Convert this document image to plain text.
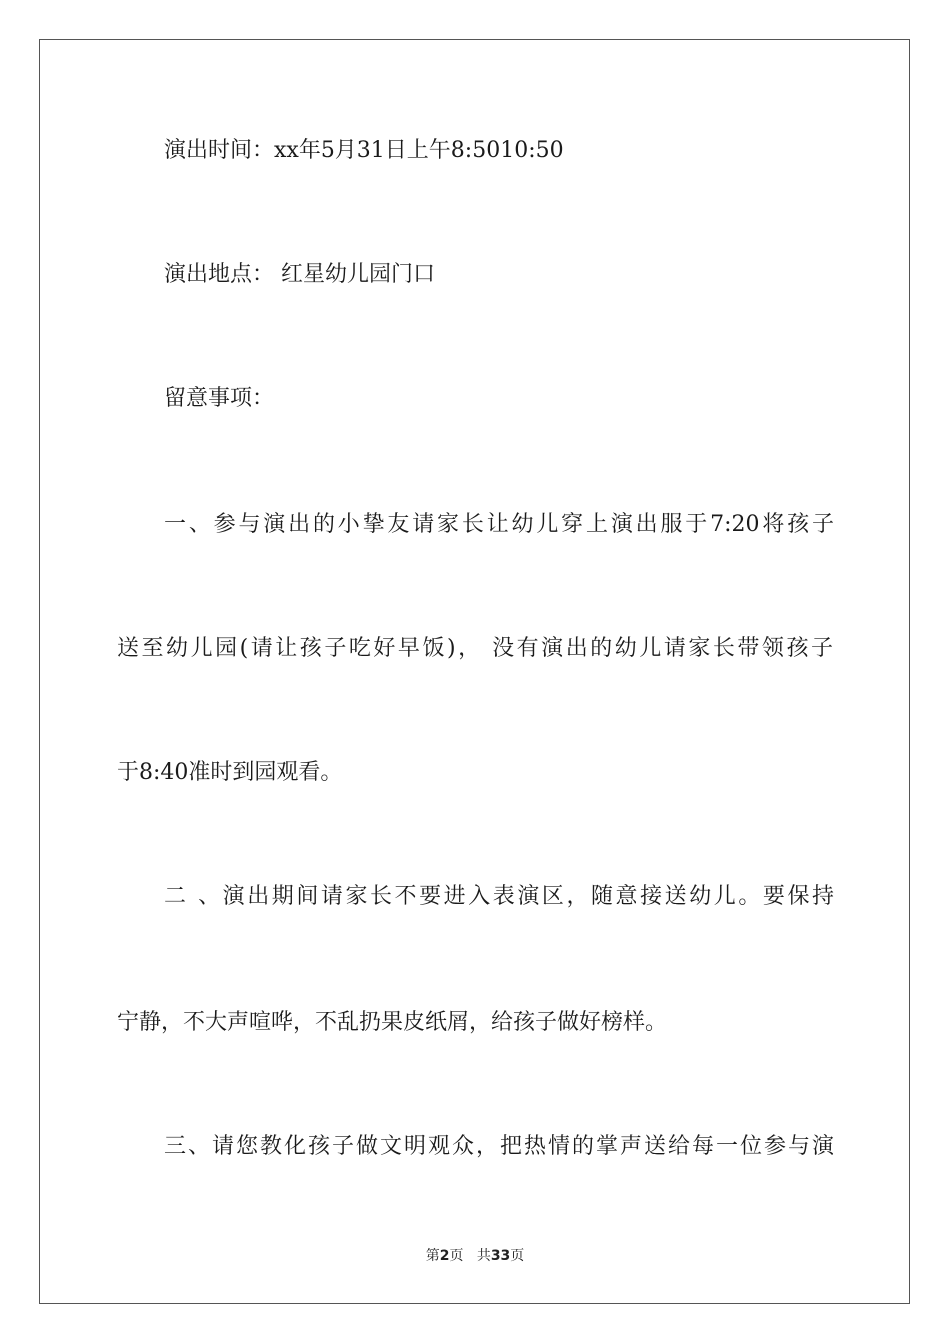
演出时间：xx年5月31日上午8:5010:50
演出地点： 红星幼儿园门口
留意事项：
一、参与演出的小挚友请家长让幼儿穿上演出服于7:20将孩子
送至幼儿园(请让孩子吃好早饭)， 没有演出的幼儿请家长带领孩子
于8:40准时到园观看。
二 、演出期间请家长不要进入表演区，随意接送幼儿。要保持
宁静，不大声喧哗，不乱扔果皮纸屑，给孩子做好榜样。
三、请您教化孩子做文明观众，把热情的掌声送给每一位参与演
第2页 共33页
